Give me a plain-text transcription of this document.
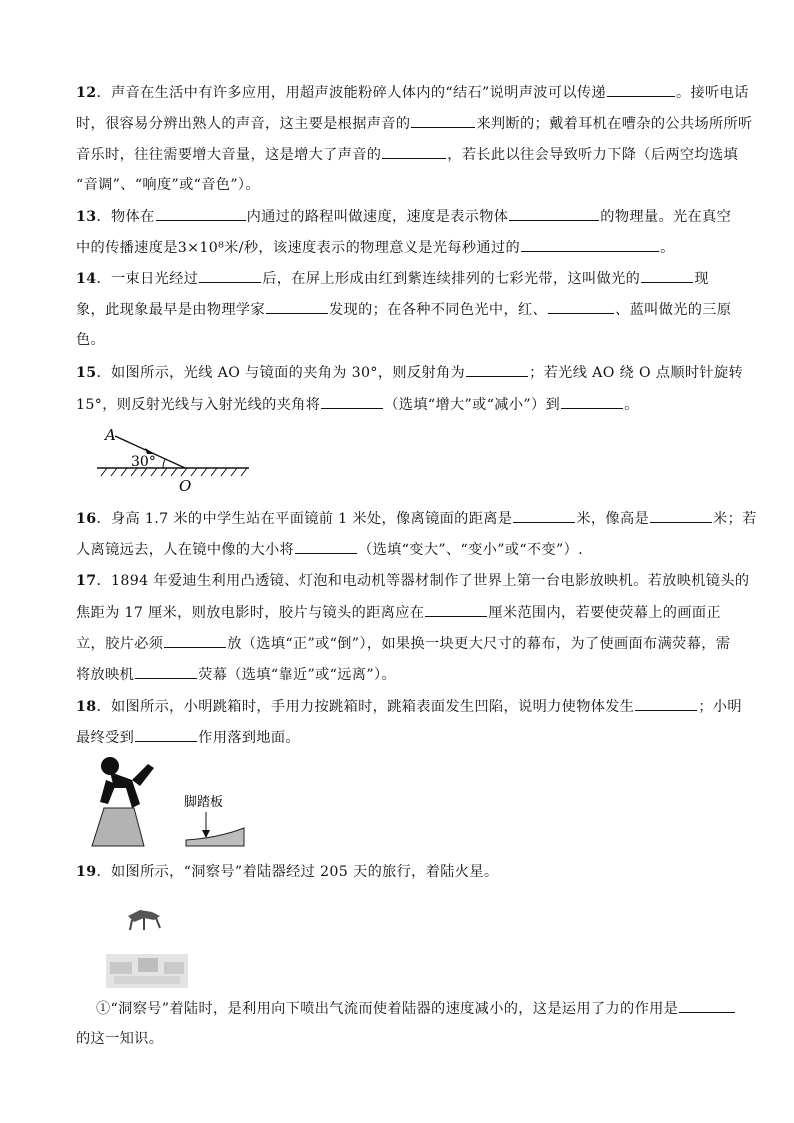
12．声音在生活中有许多应用，用超声波能粉碎人体内的“结石”说明声波可以传递	。接听电话
时，很容易分辨出熟人的声音，这主要是根据声音的	来判断的；戴着耳机在嘈杂的公共场所所听
音乐时，往往需要增大音量，这是增大了声音的	，若长此以往会导致听力下降（后两空均选填
“音调”、“响度”或“音色”）。
13．物体在	内通过的路程叫做速度，速度是表示物体	的物理量。光在真空
中的传播速度是3×10⁸米/秒，该速度表示的物理意义是光每秒通过的	。
14．一束日光经过	后，在屏上形成由红到紫连续排列的七彩光带，这叫做光的	现
象，此现象最早是由物理学家	发现的；在各种不同色光中，红、	、蓝叫做光的三原
色。
15．如图所示，光线 AO 与镜面的夹角为 30°，则反射角为	；若光线 AO 绕 O 点顺时针旋转
15°，则反射光线与入射光线的夹角将	（选填“增大”或“减小”）到	。
A
30°
O
16．身高 1.7 米的中学生站在平面镜前 1 米处，像离镜面的距离是	米，像高是	米；若
人离镜远去，人在镜中像的大小将	（选填“变大”、“变小”或“不变”）.
17．1894 年爱迪生利用凸透镜、灯泡和电动机等器材制作了世界上第一台电影放映机。若放映机镜头的
焦距为 17 厘米，则放电影时，胶片与镜头的距离应在	厘米范围内，若要使荧幕上的画面正
立，胶片必须	放（选填“正”或“倒”），如果换一块更大尺寸的幕布，为了使画面布满荧幕，需
将放映机	荧幕（选填“靠近”或“远离”）。
18．如图所示，小明跳箱时，手用力按跳箱时，跳箱表面发生凹陷，说明力使物体发生	；小明
最终受到	作用落到地面。
脚踏板
19．如图所示，“洞察号”着陆器经过 205 天的旅行，着陆火星。
①“洞察号”着陆时，是利用向下喷出气流而使着陆器的速度减小的，这是运用了力的作用是
的这一知识。
